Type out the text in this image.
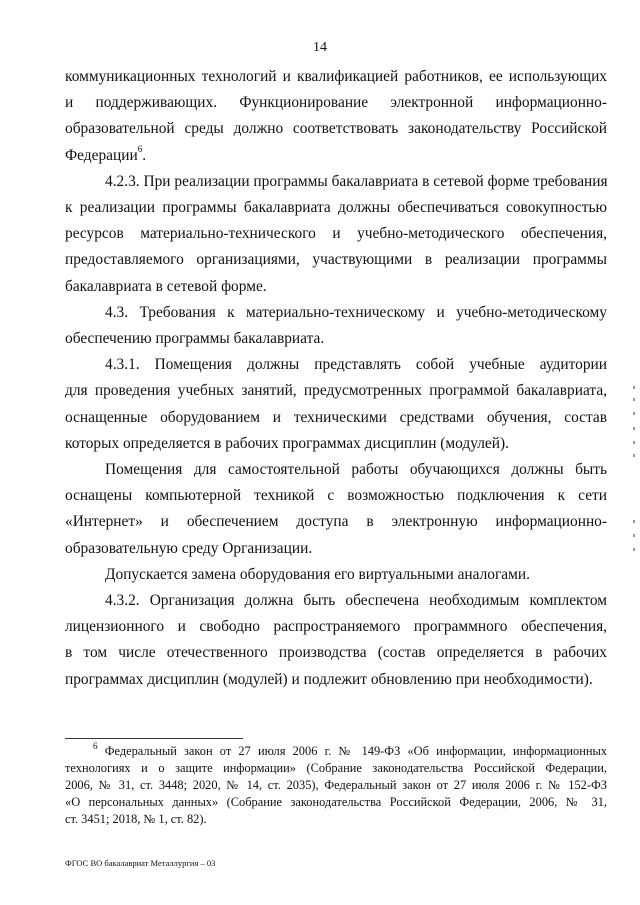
14
коммуникационных технологий и квалификацией работников, ее использующих
и поддерживающих. Функционирование электронной информационно-
образовательной среды должно соответствовать законодательству Российской
Федерации$^6$.
4.2.3. При реализации программы бакалавриата в сетевой форме требования
к реализации программы бакалавриата должны обеспечиваться совокупностью
ресурсов материально-технического и учебно-методического обеспечения,
предоставляемого организациями, участвующими в реализации программы
бакалавриата в сетевой форме.
4.3. Требования к материально-техническому и учебно-методическому
обеспечению программы бакалавриата.
4.3.1. Помещения должны представлять собой учебные аудитории
для проведения учебных занятий, предусмотренных программой бакалавриата,
оснащенные оборудованием и техническими средствами обучения, состав
которых определяется в рабочих программах дисциплин (модулей).
Помещения для самостоятельной работы обучающихся должны быть
оснащены компьютерной техникой с возможностью подключения к сети
«Интернет» и обеспечением доступа в электронную информационно-
образовательную среду Организации.
Допускается замена оборудования его виртуальными аналогами.
4.3.2. Организация должна быть обеспечена необходимым комплектом
лицензионного и свободно распространяемого программного обеспечения,
в том числе отечественного производства (состав определяется в рабочих
программах дисциплин (модулей) и подлежит обновлению при необходимости).
$^6$ Федеральный закон от 27 июля 2006 г. № 149-ФЗ «Об информации, информационных
технологиях и о защите информации» (Собрание законодательства Российской Федерации,
2006, № 31, ст. 3448; 2020, № 14, ст. 2035), Федеральный закон от 27 июля 2006 г. № 152-ФЗ
«О персональных данных» (Собрание законодательства Российской Федерации, 2006, № 31,
ст. 3451; 2018, № 1, ст. 82).
ФГОС ВО бакалавриат Металлургия – 03
